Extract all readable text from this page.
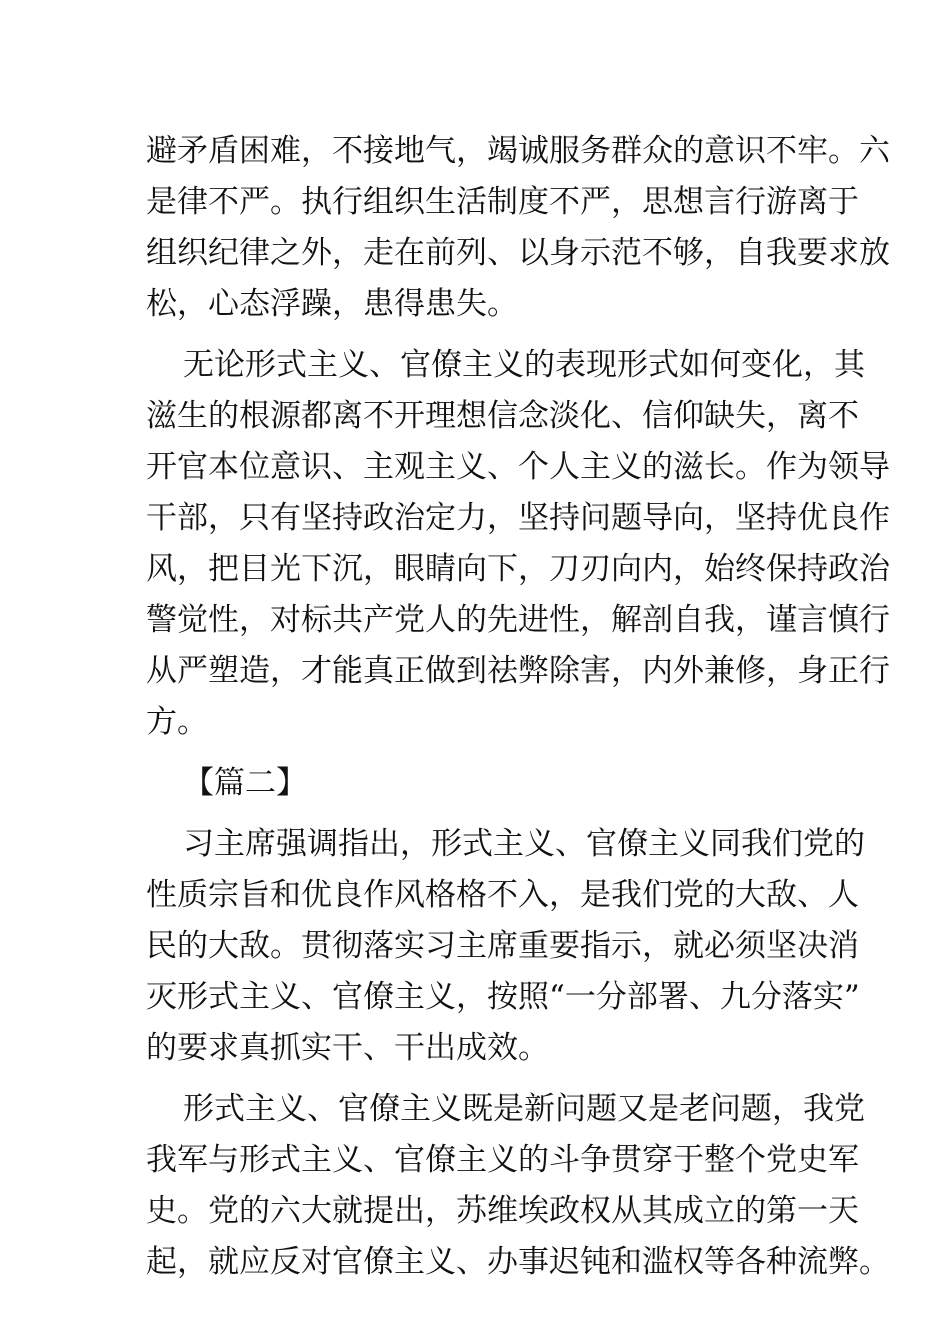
避矛盾困难，不接地气，竭诚服务群众的意识不牢。六
是律不严。执行组织生活制度不严，思想言行游离于
组织纪律之外，走在前列、以身示范不够，自我要求放
松，心态浮躁，患得患失。
无论形式主义、官僚主义的表现形式如何变化，其
滋生的根源都离不开理想信念淡化、信仰缺失，离不
开官本位意识、主观主义、个人主义的滋长。作为领导
干部，只有坚持政治定力，坚持问题导向，坚持优良作
风，把目光下沉，眼睛向下，刀刃向内，始终保持政治
警觉性，对标共产党人的先进性，解剖自我，谨言慎行
从严塑造，才能真正做到祛弊除害，内外兼修，身正行
方。
【篇二】
习主席强调指出，形式主义、官僚主义同我们党的
性质宗旨和优良作风格格不入，是我们党的大敌、人
民的大敌。贯彻落实习主席重要指示，就必须坚决消
灭形式主义、官僚主义，按照“一分部署、九分落实”
的要求真抓实干、干出成效。
形式主义、官僚主义既是新问题又是老问题，我党
我军与形式主义、官僚主义的斗争贯穿于整个党史军
史。党的六大就提出，苏维埃政权从其成立的第一天
起，就应反对官僚主义、办事迟钝和滥权等各种流弊。
